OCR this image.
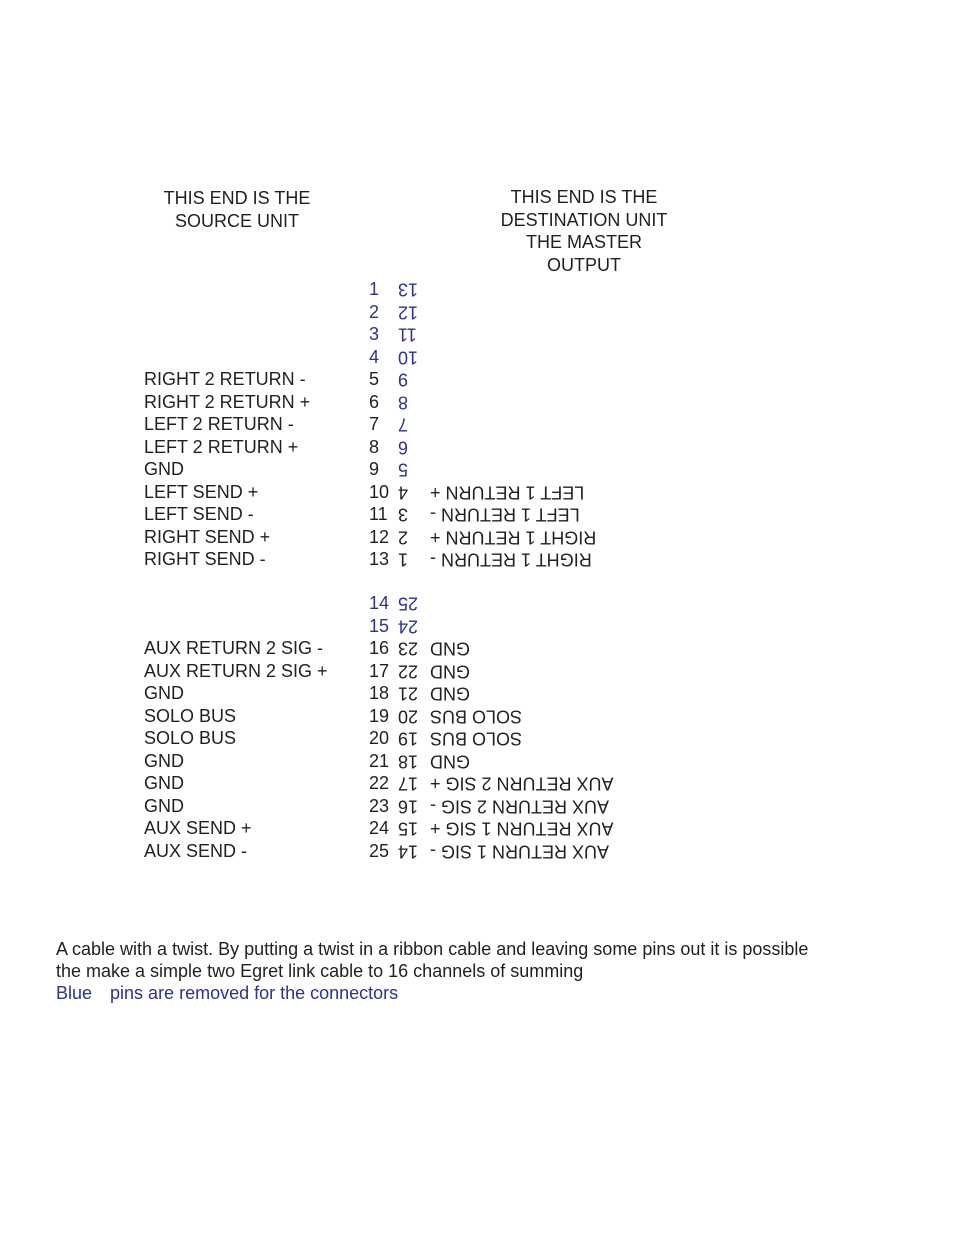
THIS END IS THE
SOURCE UNIT
THIS END IS THE
DESTINATION UNIT
THE MASTER
OUTPUT
1 13
2 12
3 11
4 10
RIGHT 2 RETURN -	5 9
RIGHT 2 RETURN +	6 8
LEFT 2 RETURN -	7 7
LEFT 2 RETURN +	8 6
GND	9 5
LEFT SEND +	10 4	LEFT 1 RETURN +
LEFT SEND -	11 3	LEFT 1 RETURN -
RIGHT SEND +	12 2	RIGHT 1 RETURN +
RIGHT SEND -	13 1	RIGHT 1 RETURN -
14 25
15 24
AUX RETURN 2 SIG -	16 23 GND
AUX RETURN 2 SIG + 17 22 GND
GND	18 21 GND
SOLO BUS	19 20 SOLO BUS
SOLO BUS	20 19 SOLO BUS
GND	21 18 GND
GND	22 17 AUX RETURN 2 SIG +
GND	23 16 AUX RETURN 2 SIG -
AUX SEND +	24 15 AUX RETURN 1 SIG +
AUX SEND -	25 14 AUX RETURN 1 SIG -
A cable with a twist. By putting a twist in a ribbon cable and leaving some pins out it is possible
the make a simple two Egret link cable to 16 channels of summing
Blue pins are removed for the connectors
